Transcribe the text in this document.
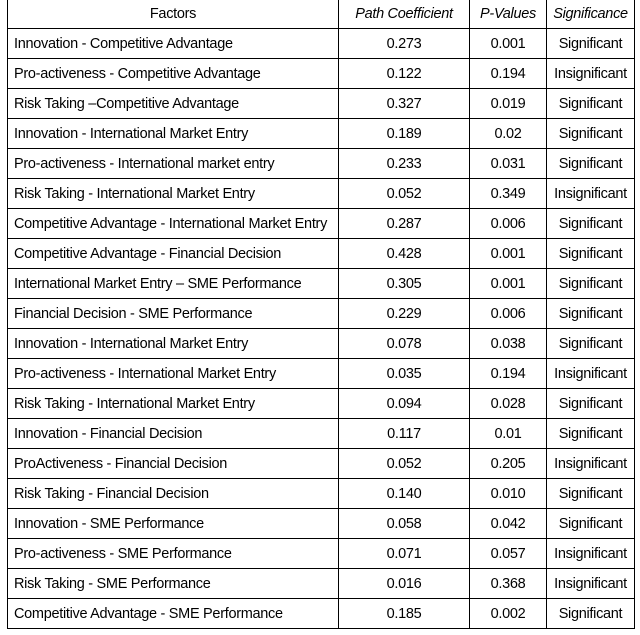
Factors	Path Coefficient	P-Values	Significance
Innovation - Competitive Advantage	0.273	0.001	Significant
Pro-activeness - Competitive Advantage	0.122	0.194	Insignificant
Risk Taking –Competitive Advantage	0.327	0.019	Significant
Innovation - International Market Entry	0.189	0.02	Significant
Pro-activeness - International market entry	0.233	0.031	Significant
Risk Taking - International Market Entry	0.052	0.349	Insignificant
Competitive Advantage - International Market Entry	0.287	0.006	Significant
Competitive Advantage - Financial Decision	0.428	0.001	Significant
International Market Entry – SME Performance	0.305	0.001	Significant
Financial Decision - SME Performance	0.229	0.006	Significant
Innovation - International Market Entry	0.078	0.038	Significant
Pro-activeness - International Market Entry	0.035	0.194	Insignificant
Risk Taking - International Market Entry	0.094	0.028	Significant
Innovation - Financial Decision	0.117	0.01	Significant
ProActiveness - Financial Decision	0.052	0.205	Insignificant
Risk Taking - Financial Decision	0.140	0.010	Significant
Innovation - SME Performance	0.058	0.042	Significant
Pro-activeness - SME Performance	0.071	0.057	Insignificant
Risk Taking - SME Performance	0.016	0.368	Insignificant
Competitive Advantage - SME Performance	0.185	0.002	Significant
